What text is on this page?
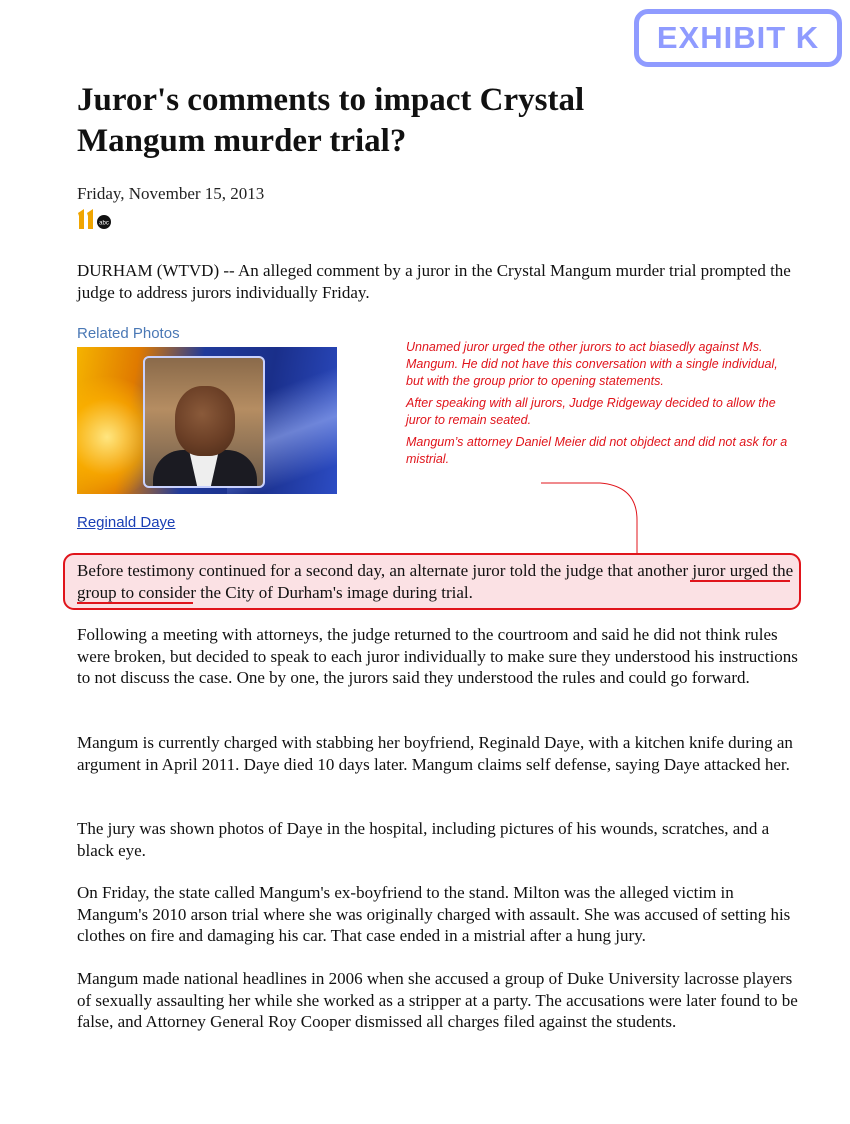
EXHIBIT K
Juror's comments to impact Crystal Mangum murder trial?
Friday, November 15, 2013
abc

DURHAM (WTVD) -- An alleged comment by a juror in the Crystal Mangum murder trial prompted the judge to address jurors individually Friday.

Related Photos
Reginald Daye

Unnamed juror urged the other jurors to act biasedly against Ms. Mangum. He did not have this conversation with a single individual, but with the group prior to opening statements.

After speaking with all jurors, Judge Ridgeway decided to allow the juror to remain seated.

Mangum’s attorney Daniel Meier did not objdect and did not ask for a mistrial.

Before testimony continued for a second day, an alternate juror told the judge that another juror urged the group to consider the City of Durham's image during trial.

Following a meeting with attorneys, the judge returned to the courtroom and said he did not think rules were broken, but decided to speak to each juror individually to make sure they understood his instructions to not discuss the case. One by one, the jurors said they understood the rules and could go forward.

Mangum is currently charged with stabbing her boyfriend, Reginald Daye, with a kitchen knife during an argument in April 2011. Daye died 10 days later. Mangum claims self defense, saying Daye attacked her.

The jury was shown photos of Daye in the hospital, including pictures of his wounds, scratches, and a black eye.

On Friday, the state called Mangum's ex-boyfriend to the stand. Milton was the alleged victim in Mangum's 2010 arson trial where she was originally charged with assault. She was accused of setting his clothes on fire and damaging his car. That case ended in a mistrial after a hung jury.

Mangum made national headlines in 2006 when she accused a group of Duke University lacrosse players of sexually assaulting her while she worked as a stripper at a party. The accusations were later found to be false, and Attorney General Roy Cooper dismissed all charges filed against the students.
